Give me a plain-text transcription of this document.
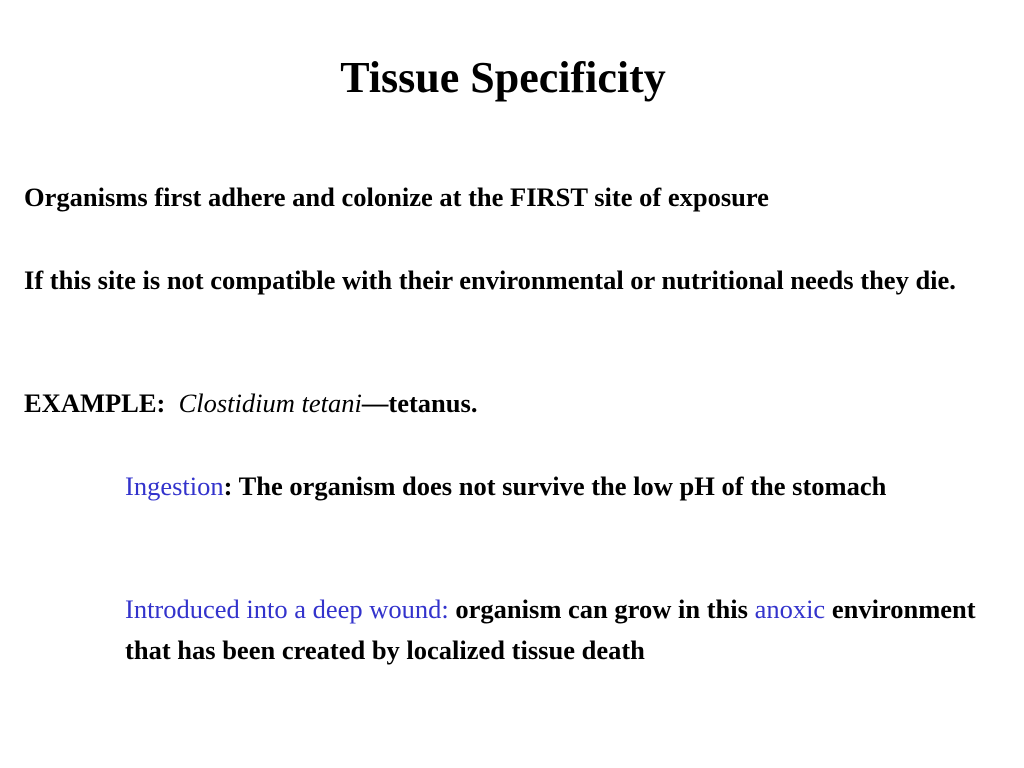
Tissue Specificity
Organisms first adhere and colonize at the FIRST site of exposure
If this site is not compatible with their environmental or nutritional needs they die.
EXAMPLE: Clostidium tetani—tetanus.
Ingestion: The organism does not survive the low pH of the stomach
Introduced into a deep wound: organism can grow in this anoxic environment that has been created by localized tissue death
